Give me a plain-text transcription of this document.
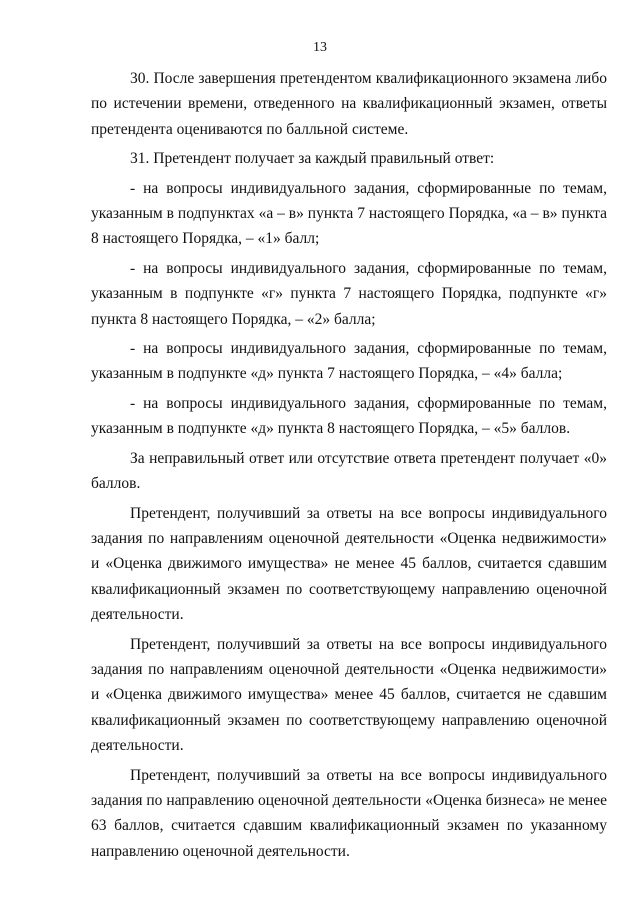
13

30. После завершения претендентом квалификационного экзамена либо по истечении времени, отведенного на квалификационный экзамен, ответы претендента оцениваются по балльной системе.

31. Претендент получает за каждый правильный ответ:

- на вопросы индивидуального задания, сформированные по темам, указанным в подпунктах «а – в» пункта 7 настоящего Порядка, «а – в» пункта 8 настоящего Порядка, – «1» балл;

- на вопросы индивидуального задания, сформированные по темам, указанным в подпункте «г» пункта 7 настоящего Порядка, подпункте «г» пункта 8 настоящего Порядка, – «2» балла;

- на вопросы индивидуального задания, сформированные по темам, указанным в подпункте «д» пункта 7 настоящего Порядка, – «4» балла;

- на вопросы индивидуального задания, сформированные по темам, указанным в подпункте «д» пункта 8 настоящего Порядка, – «5» баллов.

За неправильный ответ или отсутствие ответа претендент получает «0» баллов.

Претендент, получивший за ответы на все вопросы индивидуального задания по направлениям оценочной деятельности «Оценка недвижимости» и «Оценка движимого имущества» не менее 45 баллов, считается сдавшим квалификационный экзамен по соответствующему направлению оценочной деятельности.

Претендент, получивший за ответы на все вопросы индивидуального задания по направлениям оценочной деятельности «Оценка недвижимости» и «Оценка движимого имущества» менее 45 баллов, считается не сдавшим квалификационный экзамен по соответствующему направлению оценочной деятельности.

Претендент, получивший за ответы на все вопросы индивидуального задания по направлению оценочной деятельности «Оценка бизнеса» не менее 63 баллов, считается сдавшим квалификационный экзамен по указанному направлению оценочной деятельности.
